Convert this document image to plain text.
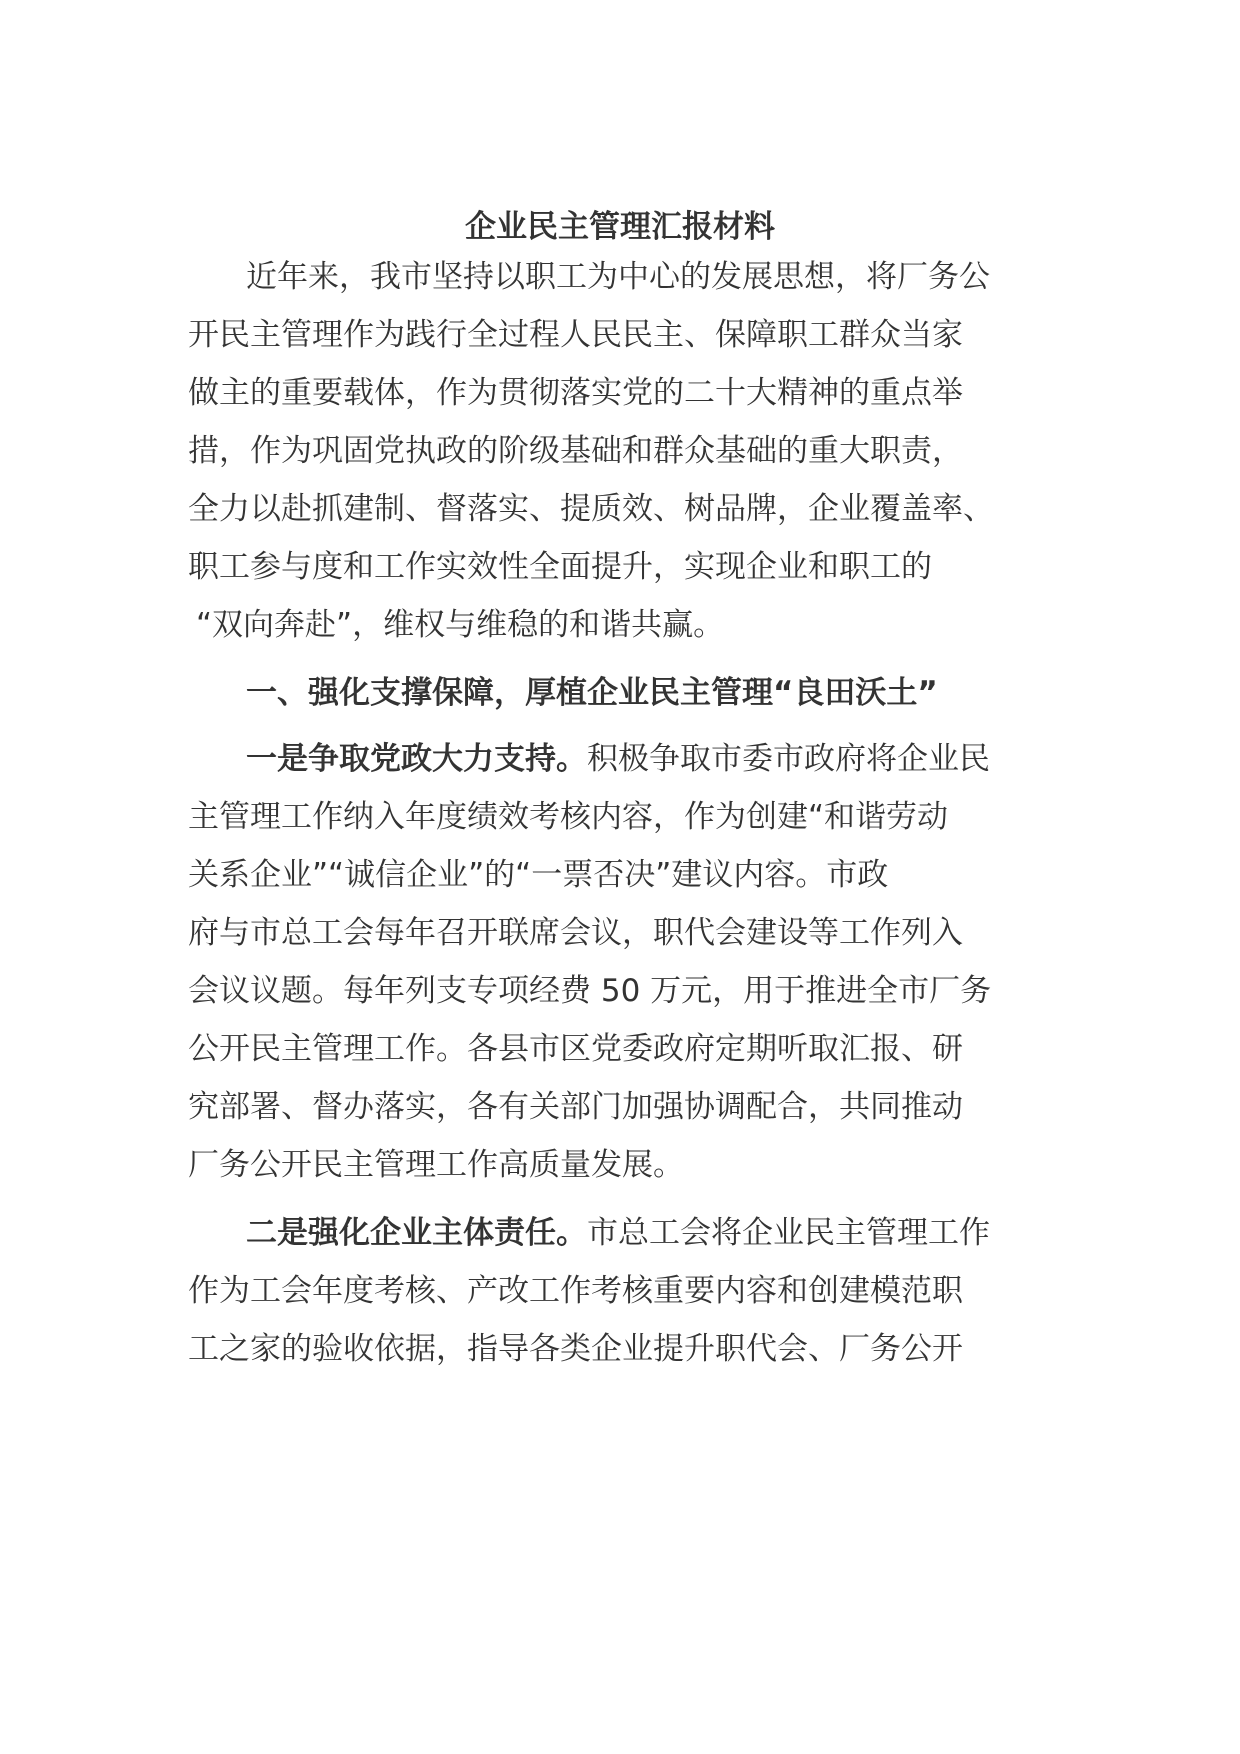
企业民主管理汇报材料

近年来，我市坚持以职工为中心的发展思想，将厂务公

开民主管理作为践行全过程人民民主、保障职工群众当家

做主的重要载体，作为贯彻落实党的二十大精神的重点举

措，作为巩固党执政的阶级基础和群众基础的重大职责，

全力以赴抓建制、督落实、提质效、树品牌，企业覆盖率、

职工参与度和工作实效性全面提升，实现企业和职工的

“双向奔赴”，维权与维稳的和谐共赢。

一、强化支撑保障，厚植企业民主管理“良田沃土”

一是争取党政大力支持。积极争取市委市政府将企业民

主管理工作纳入年度绩效考核内容，作为创建“和谐劳动

关系企业”“诚信企业”的“一票否决”建议内容。市政

府与市总工会每年召开联席会议，职代会建设等工作列入

会议议题。每年列支专项经费 50 万元，用于推进全市厂务

公开民主管理工作。各县市区党委政府定期听取汇报、研

究部署、督办落实，各有关部门加强协调配合，共同推动

厂务公开民主管理工作高质量发展。

二是强化企业主体责任。市总工会将企业民主管理工作

作为工会年度考核、产改工作考核重要内容和创建模范职

工之家的验收依据，指导各类企业提升职代会、厂务公开
